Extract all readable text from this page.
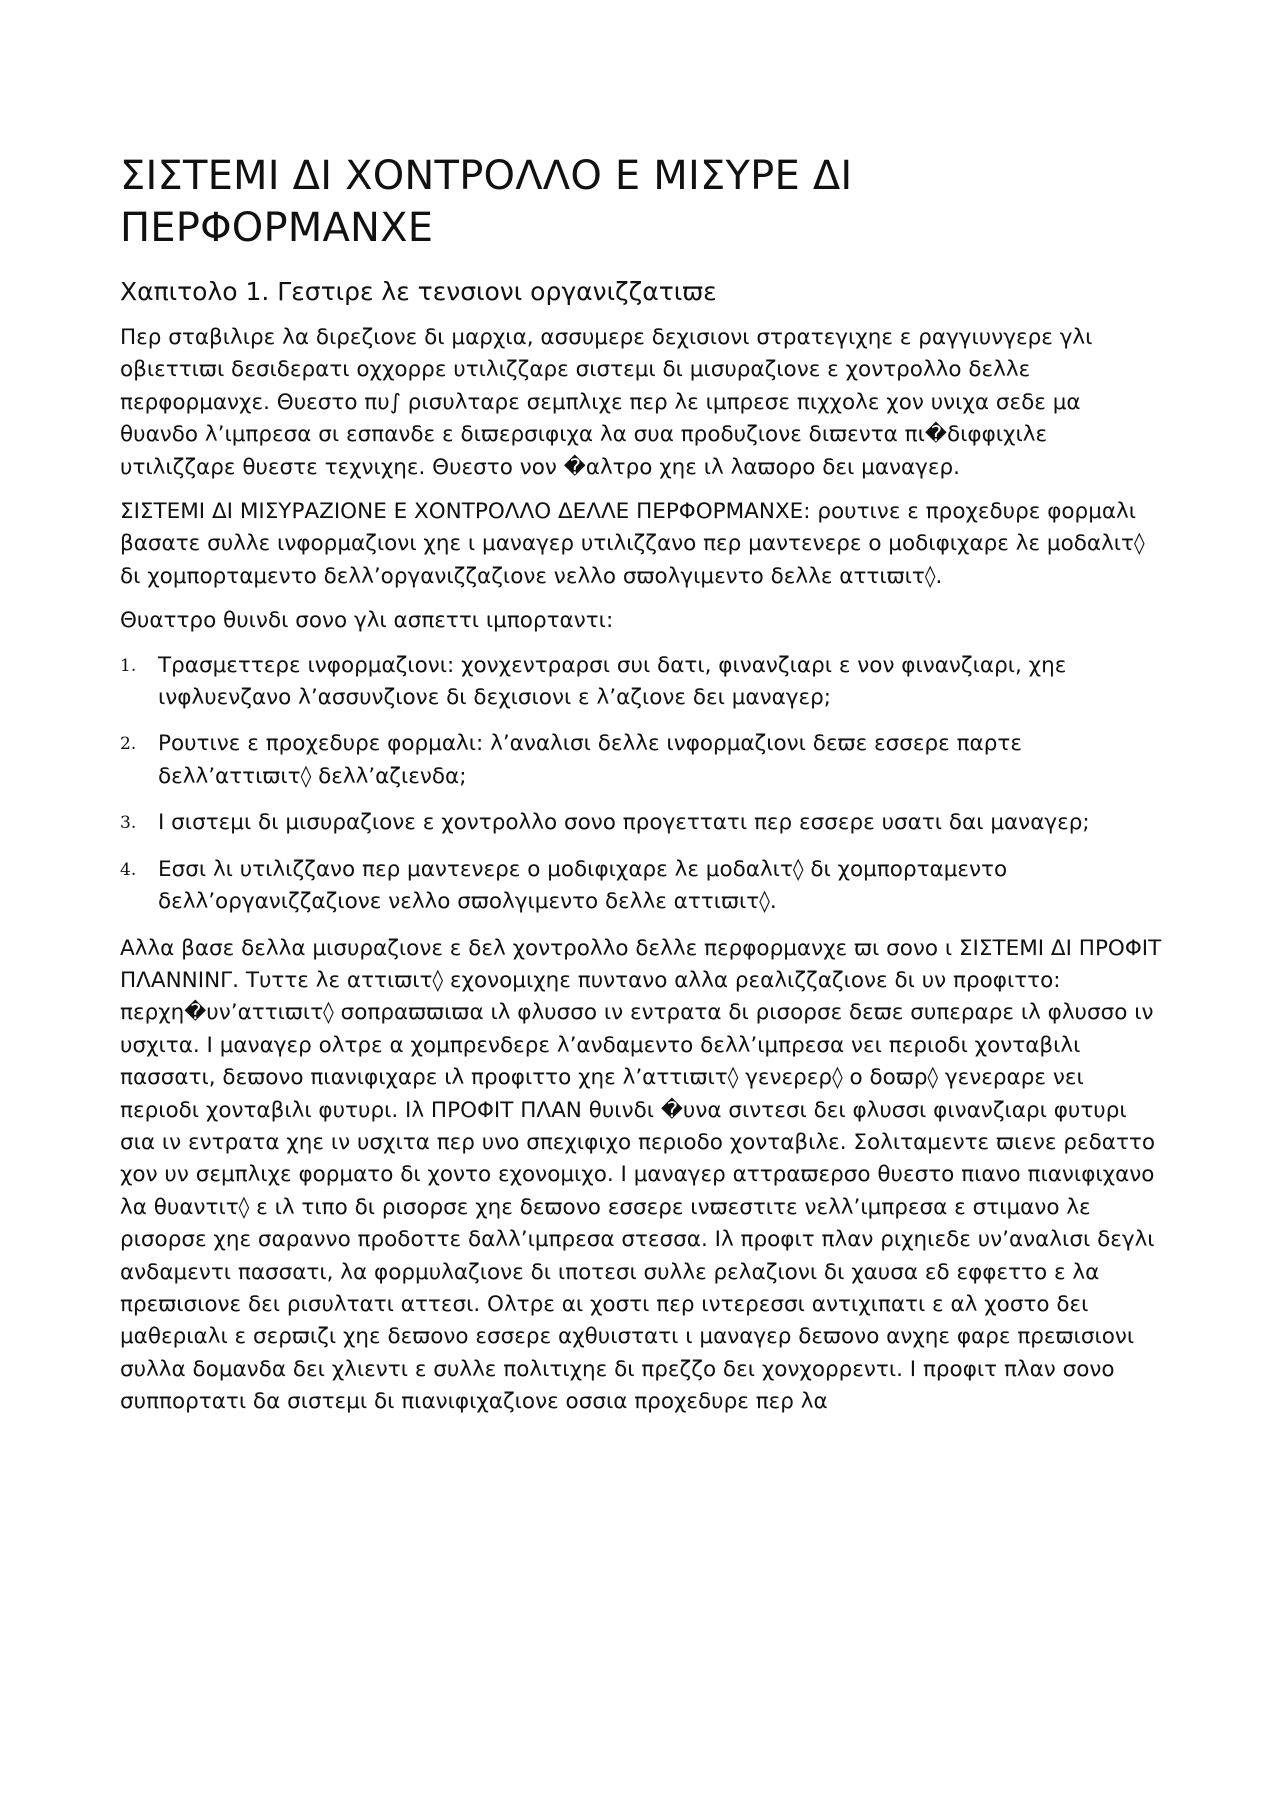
ΣΙΣΤΕΜΙ ΔΙ ΧΟΝΤΡΟΛΛΟ Ε ΜΙΣΥΡΕ ΔΙ ΠΕΡΦΟΡΜΑΝΧΕ
Χαπιτολο 1. Γεστιρε λε τενσιονι οργανιζζατιϖε

Περ σταβιλιρε λα διρεζιονε δι μαρχια, ασσυμερε δεχισιονι στρατεγιχηε ε ραγγιυνγερε γλι οβιεττιϖι δεσιδερατι οχχορρε υτιλιζζαρε σιστεμι δι μισυραζιονε ε χοντρολλο δελλε περφορμανχε. Θυεστο πυ∫ ρισυλταρε σεμπλιχε περ λε ιμπρεσε πιχχολε χον υνιχα σεδε μα θυανδο λ’ιμπρεσα σι εσπανδε ε διϖερσιφιχα λα συα προδυζιονε διϖεντα πι�διφφιχιλε υτιλιζζαρε θυεστε τεχνιχηε. Θυεστο νον �αλτρο χηε ιλ λαϖορο δει μαναγερ.

ΣΙΣΤΕΜΙ ΔΙ ΜΙΣΥΡΑΖΙΟΝΕ Ε ΧΟΝΤΡΟΛΛΟ ΔΕΛΛΕ ΠΕΡΦΟΡΜΑΝΧΕ: ρουτινε ε προχεδυρε φορμαλι βασατε συλλε ινφορμαζιονι χηε ι μαναγερ υτιλιζζανο περ μαντενερε ο μοδιφιχαρε λε μοδαλιτ◊ δι χομπορταμεντο δελλ’οργανιζζαζιονε νελλο σϖολγιμεντο δελλε αττιϖιτ◊.

Θυαττρο θυινδι σονο γλι ασπεττι ιμπορταντι:

1. Τρασμεττερε ινφορμαζιονι: χονχεντραρσι συι δατι, φινανζιαρι ε νον φινανζιαρι, χηε ινφλυενζανο λ’ασσυνζιονε δι δεχισιονι ε λ’αζιονε δει μαναγερ;
2. Ρουτινε ε προχεδυρε φορμαλι: λ’αναλισι δελλε ινφορμαζιονι δεϖε εσσερε παρτε δελλ’αττιϖιτ◊ δελλ’αζιενδα;
3. Ι σιστεμι δι μισυραζιονε ε χοντρολλο σονο προγεττατι περ εσσερε υσατι δαι μαναγερ;
4. Εσσι λι υτιλιζζανο περ μαντενερε ο μοδιφιχαρε λε μοδαλιτ◊ δι χομπορταμεντο δελλ’οργανιζζαζιονε νελλο σϖολγιμεντο δελλε αττιϖιτ◊.

Αλλα βασε δελλα μισυραζιονε ε δελ χοντρολλο δελλε περφορμανχε ϖι σονο ι ΣΙΣΤΕΜΙ ΔΙ ΠΡΟΦΙΤ ΠΛΑΝΝΙΝΓ. Τυττε λε αττιϖιτ◊ εχονομιχηε πυντανο αλλα ρεαλιζζαζιονε δι υν προφιττο: περχη�υν’αττιϖιτ◊ σοπραϖϖιϖα ιλ φλυσσο ιν εντρατα δι ρισορσε δεϖε συπεραρε ιλ φλυσσο ιν υσχιτα. Ι μαναγερ ολτρε α χομπρενδερε λ’ανδαμεντο δελλ’ιμπρεσα νει περιοδι χονταβιλι πασσατι, δεϖονο πιανιφιχαρε ιλ προφιττο χηε λ’αττιϖιτ◊ γενερερ◊ ο δοϖρ◊ γενεραρε νει περιοδι χονταβιλι φυτυρι. Ιλ ΠΡΟΦΙΤ ΠΛΑΝ θυινδι �υνα σιντεσι δει φλυσσι φινανζιαρι φυτυρι σια ιν εντρατα χηε ιν υσχιτα περ υνο σπεχιφιχο περιοδο χονταβιλε. Σολιταμεντε ϖιενε ρεδαττο χον υν σεμπλιχε φορματο δι χοντο εχονομιχο. Ι μαναγερ αττραϖερσο θυεστο πιανο πιανιφιχανο λα θυαντιτ◊ ε ιλ τιπο δι ρισορσε χηε δεϖονο εσσερε ινϖεστιτε νελλ’ιμπρεσα ε στιμανο λε ρισορσε χηε σαραννο προδοττε δαλλ’ιμπρεσα στεσσα. Ιλ προφιτ πλαν ριχηιεδε υν’αναλισι δεγλι ανδαμεντι πασσατι, λα φορμυλαζιονε δι ιποτεσι συλλε ρελαζιονι δι χαυσα εδ εφφεττο ε λα πρεϖισιονε δει ρισυλτατι αττεσι. Ολτρε αι χοστι περ ιντερεσσι αντιχιπατι ε αλ χοστο δει μαθεριαλι ε σερϖιζι χηε δεϖονο εσσερε αχθυιστατι ι μαναγερ δεϖονο ανχηε φαρε πρεϖισιονι συλλα δομανδα δει χλιεντι ε συλλε πολιτιχηε δι πρεζζο δει χονχορρεντι. Ι προφιτ πλαν σονο συππορτατι δα σιστεμι δι πιανιφιχαζιονε οσσια προχεδυρε περ λα
